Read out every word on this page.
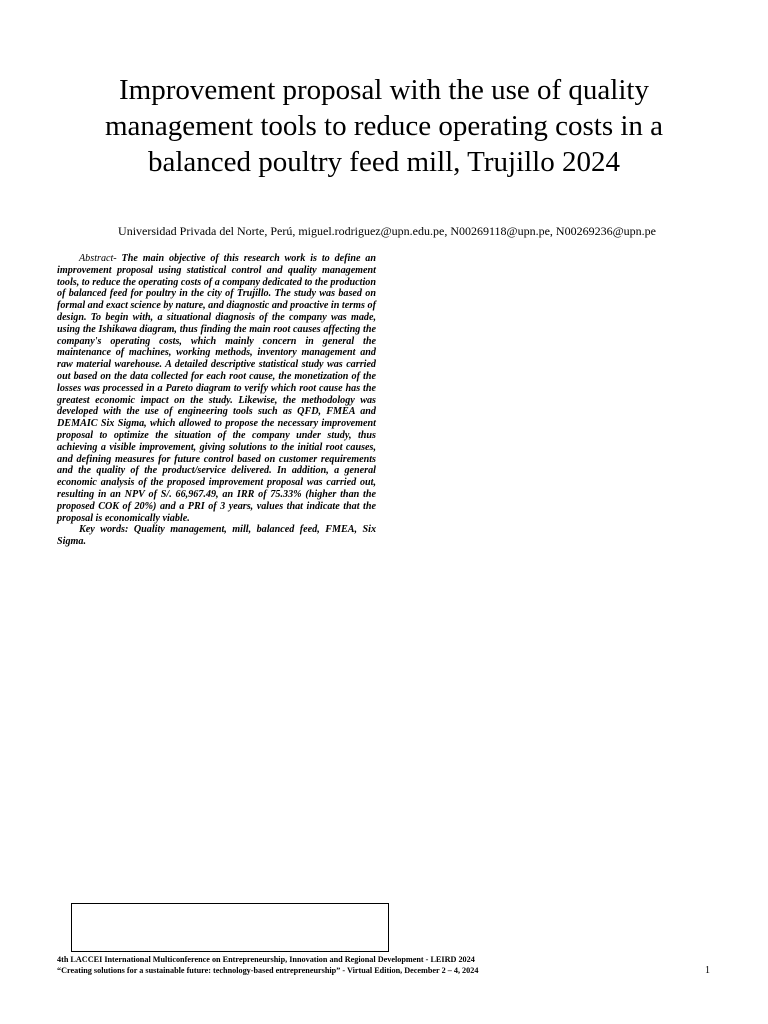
Improvement proposal with the use of quality
management tools to reduce operating costs in a
balanced poultry feed mill, Trujillo 2024
Universidad Privada del Norte, Perú, miguel.rodriguez@upn.edu.pe, N00269118@upn.pe, N00269236@upn.pe

Abstract- The main objective of this research work is to define an improvement proposal using statistical control and quality management tools, to reduce the operating costs of a company dedicated to the production of balanced feed for poultry in the city of Trujillo. The study was based on formal and exact science by nature, and diagnostic and proactive in terms of design. To begin with, a situational diagnosis of the company was made, using the Ishikawa diagram, thus finding the main root causes affecting the company's operating costs, which mainly concern in general the maintenance of machines, working methods, inventory management and raw material warehouse. A detailed descriptive statistical study was carried out based on the data collected for each root cause, the monetization of the losses was processed in a Pareto diagram to verify which root cause has the greatest economic impact on the study. Likewise, the methodology was developed with the use of engineering tools such as QFD, FMEA and DEMAIC Six Sigma, which allowed to propose the necessary improvement proposal to optimize the situation of the company under study, thus achieving a visible improvement, giving solutions to the initial root causes, and defining measures for future control based on customer requirements and the quality of the product/service delivered. In addition, a general economic analysis of the proposed improvement proposal was carried out, resulting in an NPV of S/. 66,967.49, an IRR of 75.33% (higher than the proposed COK of 20%) and a PRI of 3 years, values that indicate that the proposal is economically viable.

Key words: Quality management, mill, balanced feed, FMEA, Six Sigma.

4th LACCEI International Multiconference on Entrepreneurship, Innovation and Regional Development - LEIRD 2024
“Creating solutions for a sustainable future: technology-based entrepreneurship” - Virtual Edition, December 2 – 4, 2024	1
